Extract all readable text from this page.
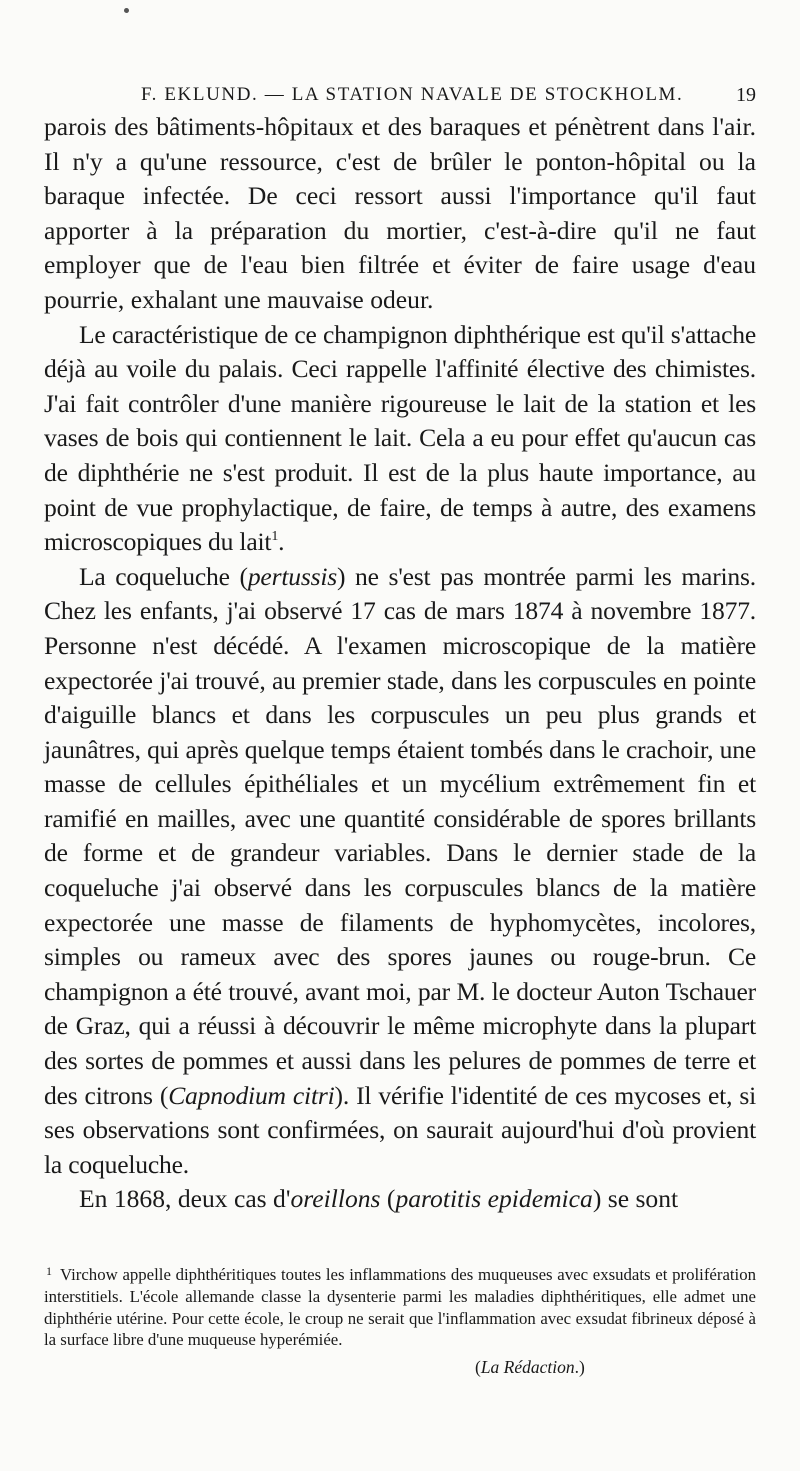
F. EKLUND. — LA STATION NAVALE DE STOCKHOLM.	19

parois des bâtiments-hôpitaux et des baraques et pénètrent dans l'air. Il n'y a qu'une ressource, c'est de brûler le ponton-hôpital ou la baraque infectée. De ceci ressort aussi l'importance qu'il faut apporter à la préparation du mortier, c'est-à-dire qu'il ne faut employer que de l'eau bien filtrée et éviter de faire usage d'eau pourrie, exhalant une mauvaise odeur.

Le caractéristique de ce champignon diphthérique est qu'il s'attache déjà au voile du palais. Ceci rappelle l'affinité élective des chimistes. J'ai fait contrôler d'une manière rigoureuse le lait de la station et les vases de bois qui contiennent le lait. Cela a eu pour effet qu'aucun cas de diphthérie ne s'est produit. Il est de la plus haute importance, au point de vue prophylactique, de faire, de temps à autre, des examens microscopiques du lait$^1$.

La coqueluche (pertussis) ne s'est pas montrée parmi les marins. Chez les enfants, j'ai observé 17 cas de mars 1874 à novembre 1877. Personne n'est décédé. A l'examen microscopique de la matière expectorée j'ai trouvé, au premier stade, dans les corpuscules en pointe d'aiguille blancs et dans les corpuscules un peu plus grands et jaunâtres, qui après quelque temps étaient tombés dans le crachoir, une masse de cellules épithéliales et un mycélium extrêmement fin et ramifié en mailles, avec une quantité considérable de spores brillants de forme et de grandeur variables. Dans le dernier stade de la coqueluche j'ai observé dans les corpuscules blancs de la matière expectorée une masse de filaments de hyphomycètes, incolores, simples ou rameux avec des spores jaunes ou rouge-brun. Ce champignon a été trouvé, avant moi, par M. le docteur Auton Tschauer de Graz, qui a réussi à découvrir le même microphyte dans la plupart des sortes de pommes et aussi dans les pelures de pommes de terre et des citrons (Capnodium citri). Il vérifie l'identité de ces mycoses et, si ses observations sont confirmées, on saurait aujourd'hui d'où provient la coqueluche.

En 1868, deux cas d'oreillons (parotitis epidemica) se sont

$^1$ Virchow appelle diphthéritiques toutes les inflammations des muqueuses avec exsudats et prolifération interstitiels. L'école allemande classe la dysenterie parmi les maladies diphthéritiques, elle admet une diphthérie utérine. Pour cette école, le croup ne serait que l'inflammation avec exsudat fibrineux déposé à la surface libre d'une muqueuse hyperémiée.

(La Rédaction.)
